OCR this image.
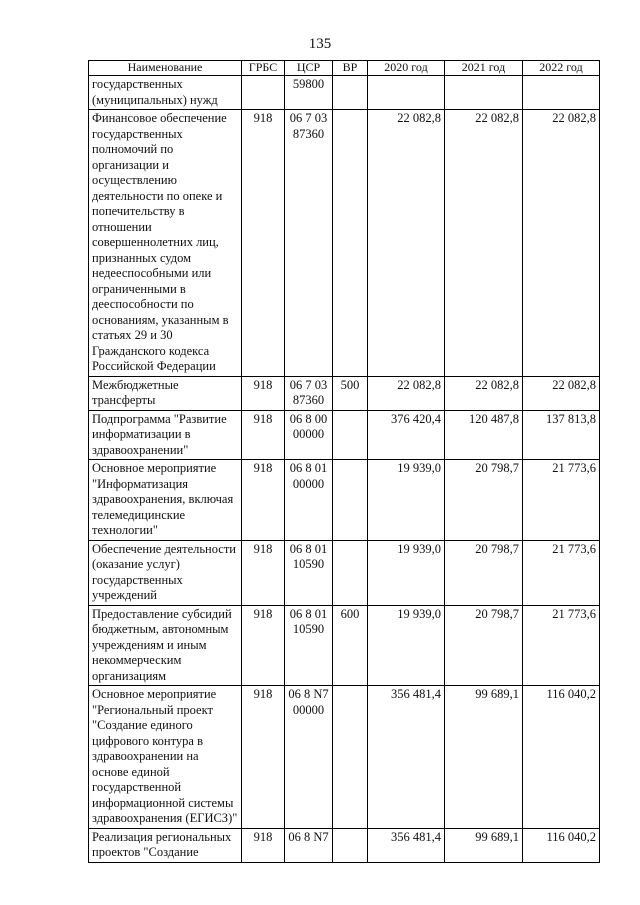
135
Наименование	ГРБС	ЦСР	ВР	2020 год	2021 год	2022 год
государственных (муниципальных) нужд		59800				
Финансовое обеспечение государственных полномочий по организации и осуществлению деятельности по опеке и попечительству в отношении совершеннолетних лиц, признанных судом недееспособными или ограниченными в дееспособности по основаниям, указанным в статьях 29 и 30 Гражданского кодекса Российской Федерации	918	06 7 03 87360		22 082,8	22 082,8	22 082,8
Межбюджетные трансферты	918	06 7 03 87360	500	22 082,8	22 082,8	22 082,8
Подпрограмма "Развитие информатизации в здравоохранении"	918	06 8 00 00000		376 420,4	120 487,8	137 813,8
Основное мероприятие "Информатизация здравоохранения, включая телемедицинские технологии"	918	06 8 01 00000		19 939,0	20 798,7	21 773,6
Обеспечение деятельности (оказание услуг) государственных учреждений	918	06 8 01 10590		19 939,0	20 798,7	21 773,6
Предоставление субсидий бюджетным, автономным учреждениям и иным некоммерческим организациям	918	06 8 01 10590	600	19 939,0	20 798,7	21 773,6
Основное мероприятие "Региональный проект "Создание единого цифрового контура в здравоохранении на основе единой государственной информационной системы здравоохранения (ЕГИСЗ)"	918	06 8 N7 00000		356 481,4	99 689,1	116 040,2
Реализация региональных проектов "Создание	918	06 8 N7		356 481,4	99 689,1	116 040,2
